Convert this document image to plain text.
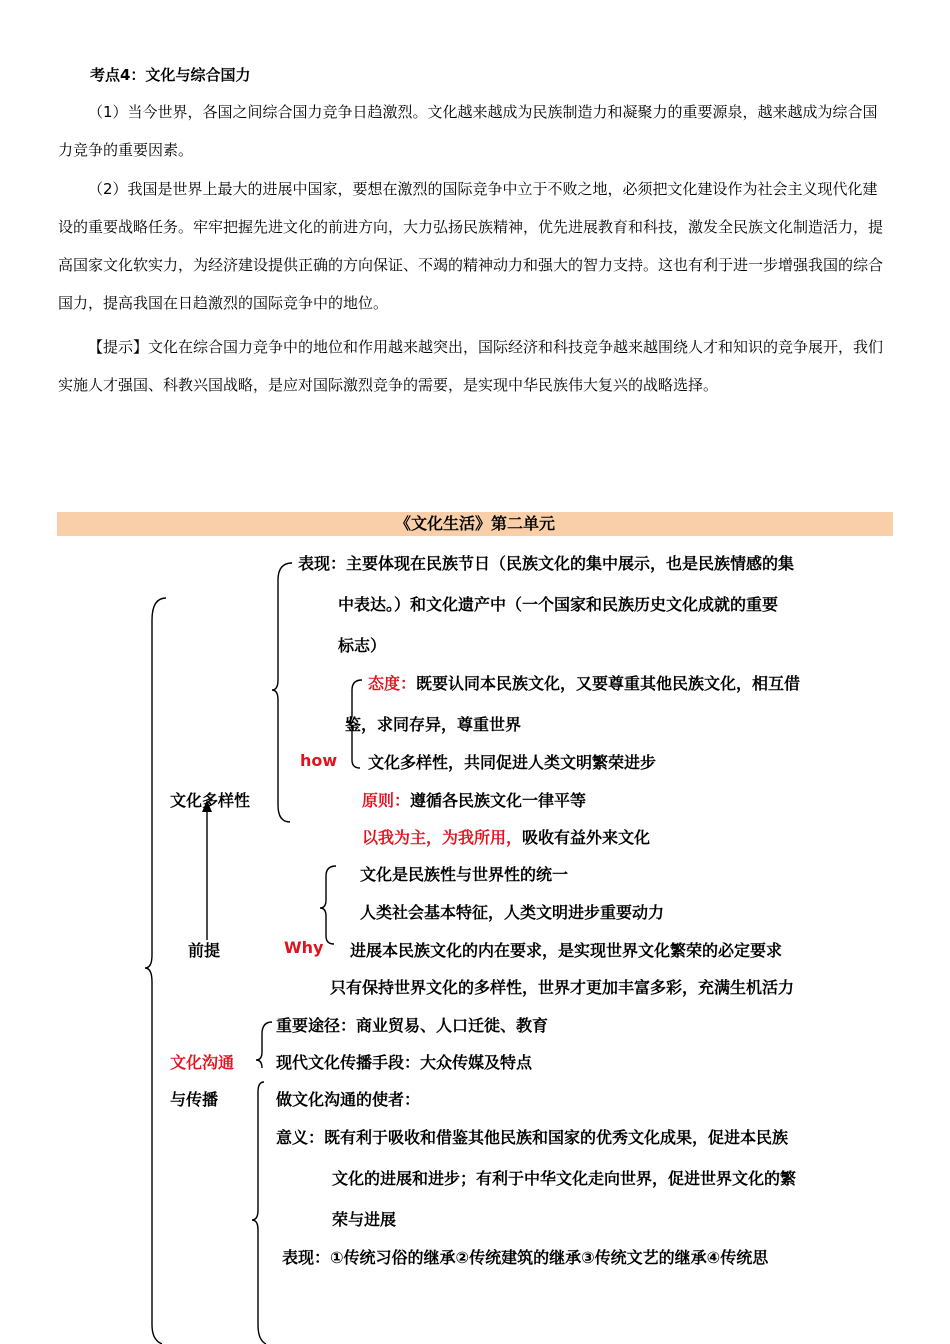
考点4：文化与综合国力

（1）当今世界，各国之间综合国力竞争日趋激烈。文化越来越成为民族制造力和凝聚力的重要源泉，越来越成为综合国力竞争的重要因素。

（2）我国是世界上最大的进展中国家，要想在激烈的国际竞争中立于不败之地，必须把文化建设作为社会主义现代化建设的重要战略任务。牢牢把握先进文化的前进方向，大力弘扬民族精神，优先进展教育和科技，激发全民族文化制造活力，提高国家文化软实力，为经济建设提供正确的方向保证、不竭的精神动力和强大的智力支持。这也有利于进一步增强我国的综合国力，提高我国在日趋激烈的国际竞争中的地位。

【提示】文化在综合国力竞争中的地位和作用越来越突出，国际经济和科技竞争越来越围绕人才和知识的竞争展开，我们实施人才强国、科教兴国战略，是应对国际激烈竞争的需要，是实现中华民族伟大复兴的战略选择。

《文化生活》第二单元

表现：主要体现在民族节日（民族文化的集中展示，也是民族情感的集

中表达。）和文化遗产中（一个国家和民族历史文化成就的重要

标志）

态度：既要认同本民族文化，又要尊重其他民族文化，相互借

鉴，求同存异，尊重世界

how 文化多样性，共同促进人类文明繁荣进步

文化多样性	原则：遵循各民族文化一律平等

以我为主，为我所用，吸收有益外来文化

文化是民族性与世界性的统一

人类社会基本特征，人类文明进步重要动力

前提	Why 进展本民族文化的内在要求，是实现世界文化繁荣的必定要求

只有保持世界文化的多样性，世界才更加丰富多彩，充满生机活力

重要途径：商业贸易、人口迁徙、教育

文化沟通	现代文化传播手段：大众传媒及特点

与传播	做文化沟通的使者：

意义：既有利于吸收和借鉴其他民族和国家的优秀文化成果，促进本民族

文化的进展和进步；有利于中华文化走向世界，促进世界文化的繁

荣与进展

表现：①传统习俗的继承②传统建筑的继承③传统文艺的继承④传统思
